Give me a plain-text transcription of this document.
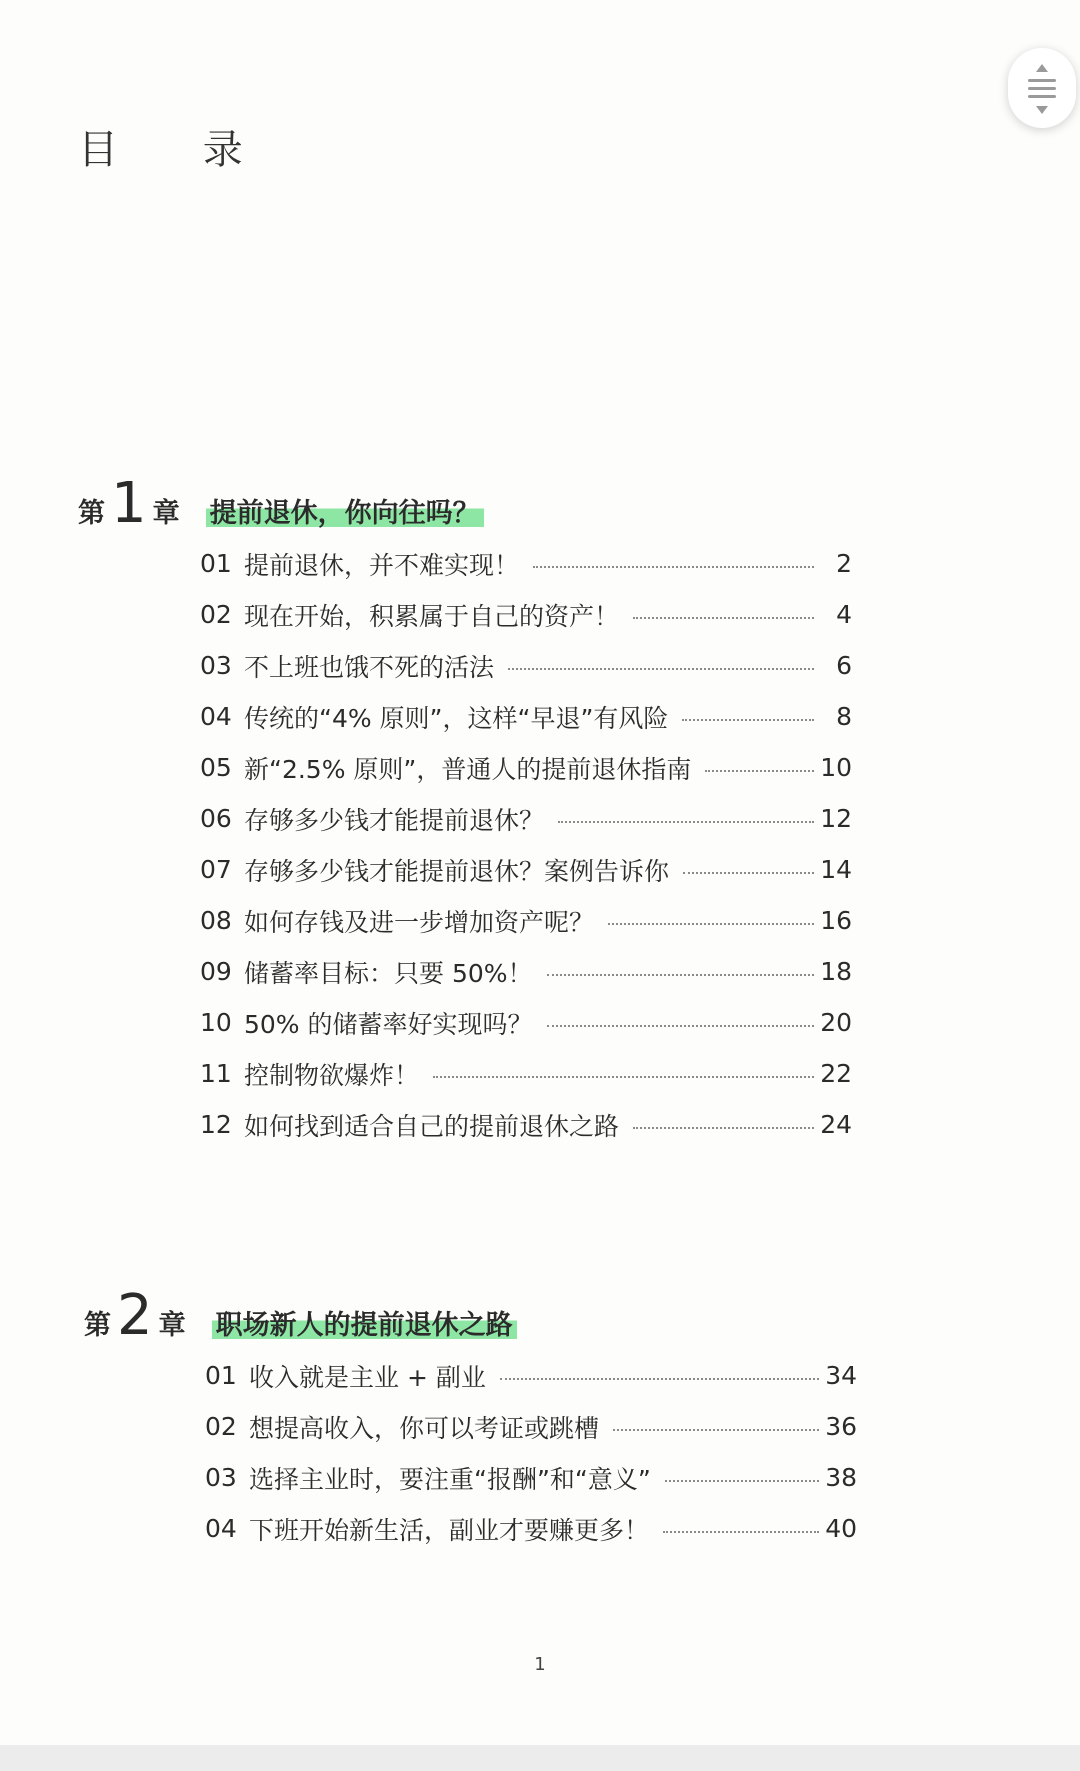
目 录
第 1 章 提前退休，你向往吗？
01 提前退休，并不难实现！	2
02 现在开始，积累属于自己的资产！	4
03 不上班也饿不死的活法	6
04 传统的“4% 原则”，这样“早退”有风险	8
05 新“2.5% 原则”，普通人的提前退休指南	10
06 存够多少钱才能提前退休？	12
07 存够多少钱才能提前退休？案例告诉你	14
08 如何存钱及进一步增加资产呢？	16
09 储蓄率目标：只要 50%！	18
10 50% 的储蓄率好实现吗？	20
11 控制物欲爆炸！	22
12 如何找到适合自己的提前退休之路	24
第 2 章 职场新人的提前退休之路
01 收入就是主业 + 副业	34
02 想提高收入，你可以考证或跳槽	36
03 选择主业时，要注重“报酬”和“意义”	38
04 下班开始新生活，副业才要赚更多！	40
1
